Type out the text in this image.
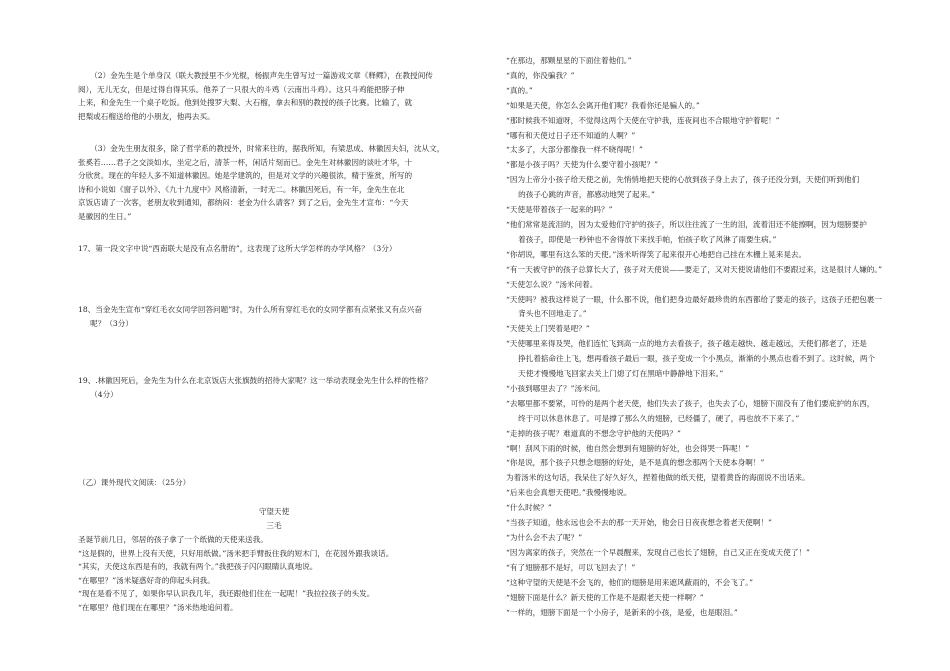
（2）金先生是个单身汉（联大教授里不少光棍，杨振声先生曾写过一篇游戏文章《释鳏》，在教授间传
阅），无儿无女，但是过得自得其乐。他养了一只很大的斗鸡（云南出斗鸡）。这只斗鸡能把脖子伸
上来，和金先生一个桌子吃饭。他到处搜罗大梨、大石榴，拿去和别的教授的孩子比赛。比输了，就
把梨或石榴送给他的小朋友，他再去买。
（3）金先生朋友很多，除了哲学系的教授外，时常来往的，据我所知，有梁思成、林徽因夫妇，沈从文，
张奚若……君子之交淡如水，坐定之后，清茶一杯，闲话片刻而已。金先生对林徽因的谈吐才华，十
分欣赏。现在的年轻人多不知道林徽因。她是学建筑的，但是对文学的兴趣很浓，精于鉴赏，所写的
诗和小说如《窗子以外》、《九十九度中》风格清新，一时无二。林徽因死后，有一年，金先生在北
京饭店请了一次客，老朋友收到通知，都纳闷：老金为什么请客？到了之后，金先生才宣布：“今天
是徽因的生日。”
17、第一段文字中说“西南联大是没有点名册的”，这表现了这所大学怎样的办学风格？（3分）
18、当金先生宣布“穿红毛衣女同学回答问题”时，为什么所有穿红毛衣的女同学都有点紧张又有点兴奋
呢？（3分）
19、.林徽因死后，金先生为什么在北京饭店大张旗鼓的招待大家呢？这一举动表现金先生什么样的性格？
（4分）
（乙）课外现代文阅读：（25分）
守望天使
三毛
圣诞节前几日，邻居的孩子拿了一个纸做的天使来送我。
“这是假的，世界上没有天使，只好用纸做。”汤米把手臂扳住我的短木门，在花园外跟我谈话。
“其实，天使这东西是有的，我就有两个。”我把孩子闪闪眼睛认真地说。
“在哪里？”汤米疑惑好奇的仰起头问我。
“现在是看不见了，如果你早认识我几年，我还跟他们住在一起呢！”我拉拉孩子的头发。
“在哪里？他们现在在哪里？”汤米热地追问着。
“在那边，那颗星星的下面住着他们。”
“真的，你没骗我？”
“真的。”
“如果是天使，你怎么会离开他们呢？我看你还是骗人的。”
“那时候我不知道呀，不觉得这两个天使在守护我，连夜间也不合眼地守护着呢！”
“哪有和天使过日子还不知道的人啊？”
“太多了，大部分都像我一样不晓得呢！”
“都是小孩子吗？天使为什么要守着小孩呢？”
“因为上帝分小孩子给天使之前，先悄悄地把天使的心放到孩子身上去了，孩子还没分到，天使们听到他们
的孩子心跳的声音，都感动地哭了起来。”
“天使是带着孩子一起来的吗？”
“他们常常是流泪的，因为太爱他们守护的孩子，所以往往流了一生的泪，流着泪还不能擦啊，因为翅膀要护
着孩子，即使是一秒钟也不舍得放下来找手帕，怕孩子吹了风淋了雨要生病。”
“你胡说，哪里有这么笨的天使。”汤米听得笑了起来很开心地把自己挂在木栅上晃来晃去。
“有一天被守护的孩子总算长大了，孩子对天使说——要走了，又对天使说请他们不要跟过来，这是很讨人嫌的。”
“天使怎么说？”汤米问着。
“天使吗？被我这样说了一眼，什么都不说，他们把身边最好最珍贵的东西都给了要走的孩子，这孩子还把包裹一
背头也不回地走了。”
“天使关上门哭着是吧？”
“天使哪里来得及哭，他们连忙飞到高一点的地方去看孩子，孩子越走越快、越走越远，天使们都老了，还是
挣扎着掂命往上飞，想再看孩子最后一眼，孩子变成一个小黑点，渐渐的小黑点也看不到了。这时候，两个
天使才慢慢地飞回家去关上门熄了灯在黑暗中静静地下泪来。”
“小孩到哪里去了？”汤米问。
“去哪里都不要紧，可怜的是两个老天使，他们失去了孩子，也失去了心，翅膀下面没有了他们要庇护的东西，
终于可以休息休息了。可是撑了那么久的翅膀，已经僵了，硬了，再也放不下来了。”
“走掉的孩子呢？难道真的不想念守护他的天使吗？”
“啊！刮风下雨的时候，他自然会想到有翅膀的好处，也会得哭一阵呢！”
“你是说，那个孩子只想念翅膀的好处，是不是真的想念那两个天使本身啊！”
为着汤米的这句话，我呆住了好久好久，捏着他做的纸天使，望着黄昏的海面说不出话来。
“后来也会真想天使吧。”我慢慢地说。
“什么时候？”
“当孩子知道，他永远也会不去的那一天开始，他会日日夜夜想念着老天使啊！”
“为什么会不去了呢？”
“因为离家的孩子，突然在一个早晨醒来，发现自己也长了翅膀，自己又正在变成天使了！”
“有了翅膀那不是好，可以飞回去了！”
“这种守望的天使是不会飞的，他们的翅膀是用来遮风蔽雨的，不会飞了。”
“翅膀下面是什么？新天使的工作是不是跟老天使一样啊？”
“一样的，翅膀下面是一个小房子，是新来的小孩，是爱，也是眼泪。”
